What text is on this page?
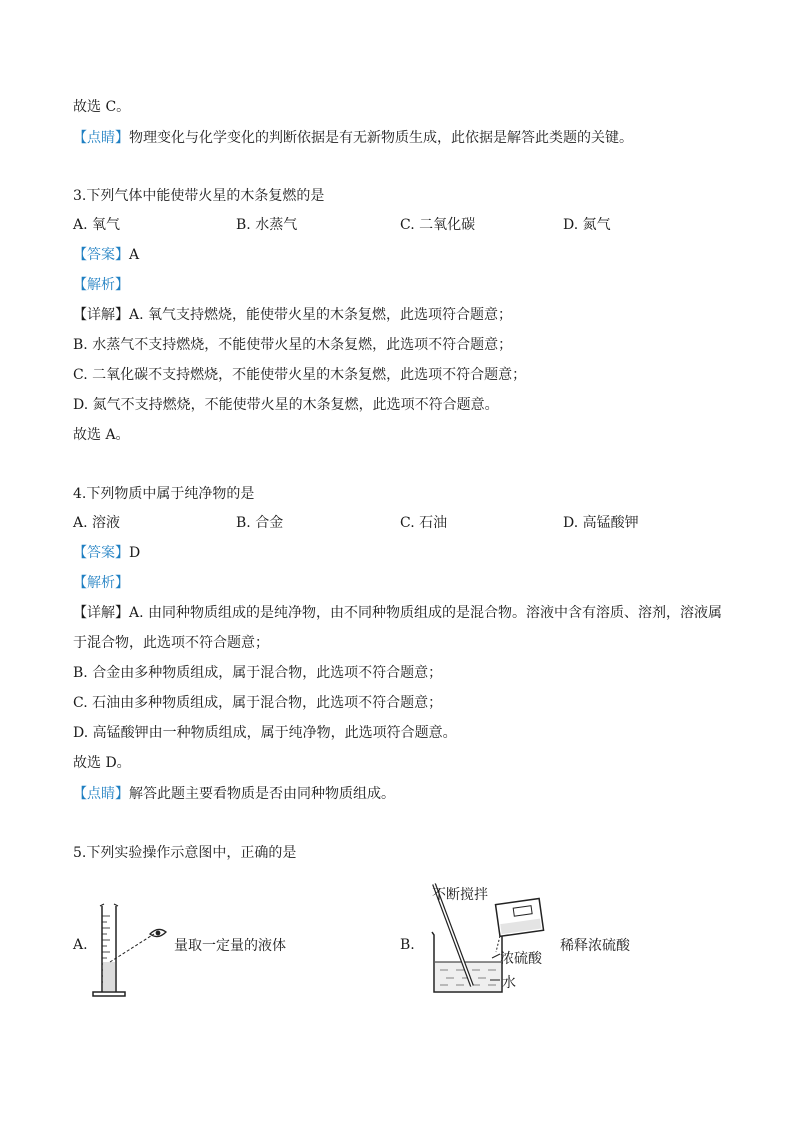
故选 C。
【点睛】物理变化与化学变化的判断依据是有无新物质生成，此依据是解答此类题的关键。
3.下列气体中能使带火星的木条复燃的是
A. 氧气	B. 水蒸气	C. 二氧化碳	D. 氮气
【答案】A
【解析】
【详解】A. 氧气支持燃烧，能使带火星的木条复燃，此选项符合题意；
B. 水蒸气不支持燃烧，不能使带火星的木条复燃，此选项不符合题意；
C. 二氧化碳不支持燃烧，不能使带火星的木条复燃，此选项不符合题意；
D. 氮气不支持燃烧，不能使带火星的木条复燃，此选项不符合题意。
故选 A。
4.下列物质中属于纯净物的是
A. 溶液	B. 合金	C. 石油	D. 高锰酸钾
【答案】D
【解析】
【详解】A. 由同种物质组成的是纯净物，由不同种物质组成的是混合物。溶液中含有溶质、溶剂，溶液属
于混合物，此选项不符合题意；
B. 合金由多种物质组成，属于混合物，此选项不符合题意；
C. 石油由多种物质组成，属于混合物，此选项不符合题意；
D. 高锰酸钾由一种物质组成，属于纯净物，此选项符合题意。
故选 D。
【点睛】解答此题主要看物质是否由同种物质组成。
5.下列实验操作示意图中，正确的是
A.	量取一定量的液体	B.
不断搅拌
浓硫酸
水
稀释浓硫酸
